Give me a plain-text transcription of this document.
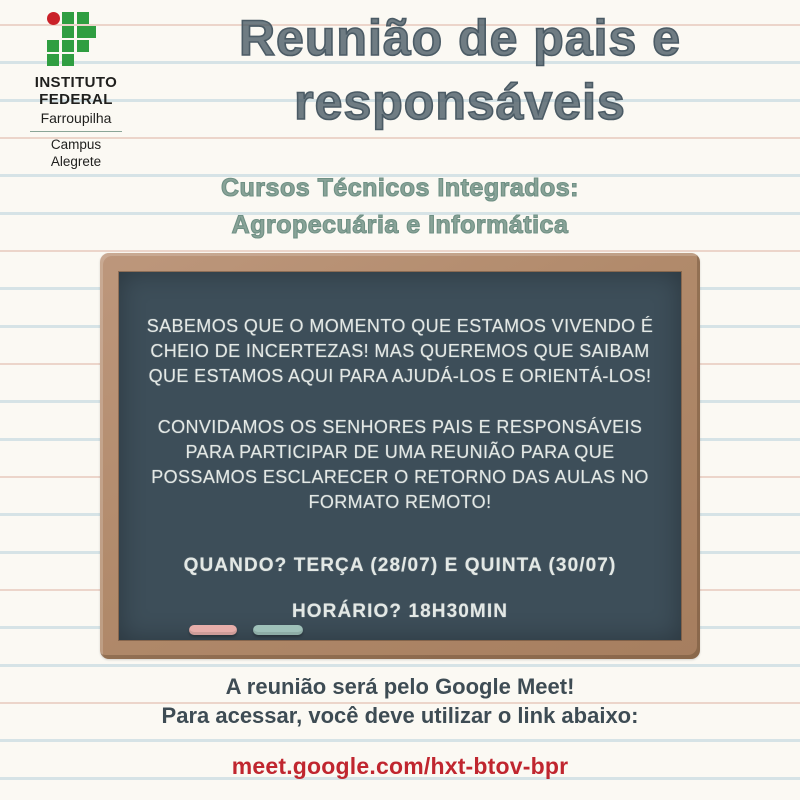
INSTITUTO
FEDERAL
Farroupilha
Campus
Alegrete
Reunião de pais e
responsáveis
Cursos Técnicos Integrados:
Agropecuária e Informática
SABEMOS QUE O MOMENTO QUE ESTAMOS VIVENDO É
CHEIO DE INCERTEZAS! MAS QUEREMOS QUE SAIBAM
QUE ESTAMOS AQUI PARA AJUDÁ-LOS E ORIENTÁ-LOS!
CONVIDAMOS OS SENHORES PAIS E RESPONSÁVEIS
PARA PARTICIPAR DE UMA REUNIÃO PARA QUE
POSSAMOS ESCLARECER O RETORNO DAS AULAS NO
FORMATO REMOTO!
QUANDO? TERÇA (28/07) E QUINTA (30/07)
HORÁRIO? 18H30MIN
A reunião será pelo Google Meet!
Para acessar, você deve utilizar o link abaixo:
meet.google.com/hxt-btov-bpr
